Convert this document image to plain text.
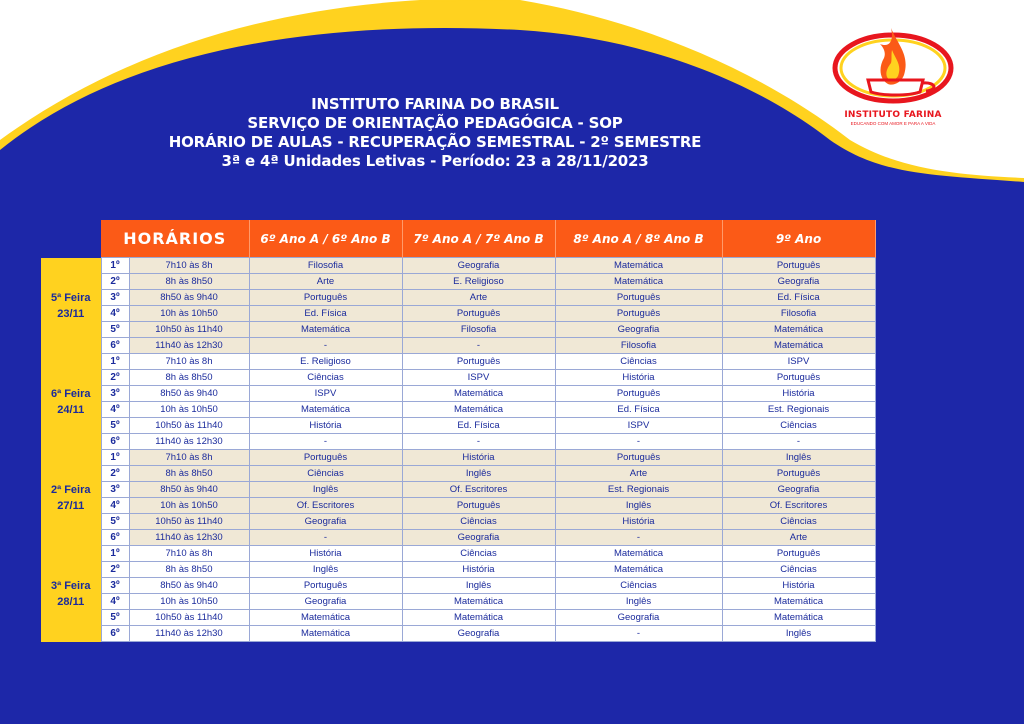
INSTITUTO FARINA DO BRASIL
SERVIÇO DE ORIENTAÇÃO PEDAGÓGICA - SOP
HORÁRIO DE AULAS - RECUPERAÇÃO SEMESTRAL - 2º SEMESTRE
3ª e 4ª Unidades Letivas - Período: 23 a 28/11/2023
INSTITUTO FARINA
EDUCANDO COM AMOR E PARA A VIDA
	HORÁRIOS		6º Ano A / 6º Ano B	7º Ano A / 7º Ano B	8º Ano A / 8º Ano B	9º Ano

5ª Feira
23/11	1º	7h10 às 8h	Filosofia	Geografia	Matemática	Português
	2º	8h às 8h50	Arte	E. Religioso	Matemática	Geografia
	3º	8h50 às 9h40	Português	Arte	Português	Ed. Física
	4º	10h às 10h50	Ed. Física	Português	Português	Filosofia
	5º	10h50 às 11h40	Matemática	Filosofia	Geografia	Matemática
	6º	11h40 às 12h30	-	-	Filosofia	Matemática

6ª Feira
24/11	1º	7h10 às 8h	E. Religioso	Português	Ciências	ISPV
	2º	8h às 8h50	Ciências	ISPV	História	Português
	3º	8h50 às 9h40	ISPV	Matemática	Português	História
	4º	10h às 10h50	Matemática	Matemática	Ed. Física	Est. Regionais
	5º	10h50 às 11h40	História	Ed. Física	ISPV	Ciências
	6º	11h40 às 12h30	-	-	-	-

2ª Feira
27/11	1º	7h10 às 8h	Português	História	Português	Inglês
	2º	8h às 8h50	Ciências	Inglês	Arte	Português
	3º	8h50 às 9h40	Inglês	Of. Escritores	Est. Regionais	Geografia
	4º	10h às 10h50	Of. Escritores	Português	Inglês	Of. Escritores
	5º	10h50 às 11h40	Geografia	Ciências	História	Ciências
	6º	11h40 às 12h30	-	Geografia	-	Arte

3ª Feira
28/11	1º	7h10 às 8h	História	Ciências	Matemática	Português
	2º	8h às 8h50	Inglês	História	Matemática	Ciências
	3º	8h50 às 9h40	Português	Inglês	Ciências	História
	4º	10h às 10h50	Geografia	Matemática	Inglês	Matemática
	5º	10h50 às 11h40	Matemática	Matemática	Geografia	Matemática
	6º	11h40 às 12h30	Matemática	Geografia	-	Inglês
